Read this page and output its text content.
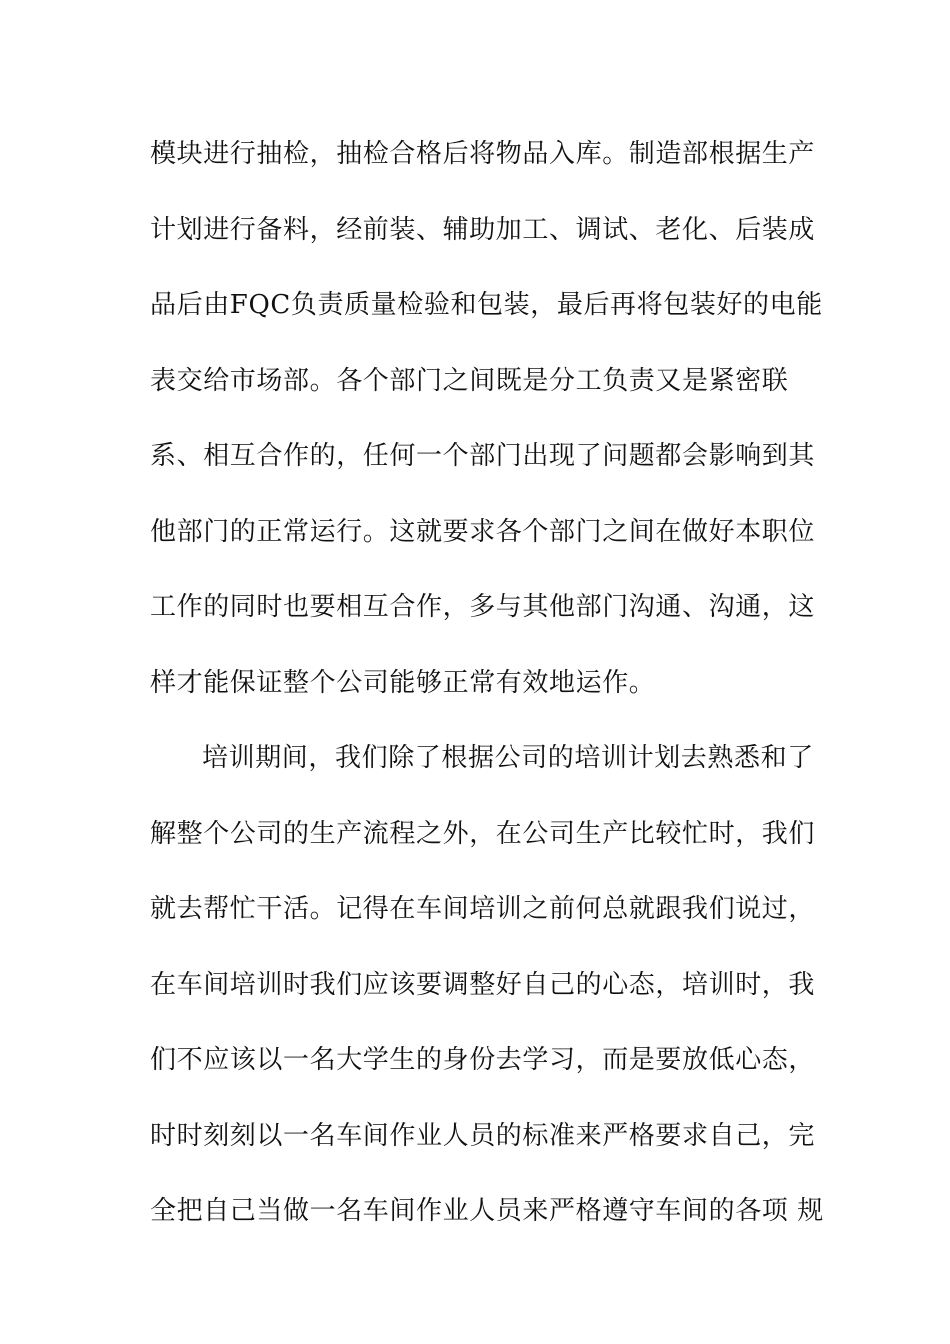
模块进行抽检，抽检合格后将物品入库。制造部根据生产
计划进行备料，经前装、辅助加工、调试、老化、后装成
品后由FQC负责质量检验和包装，最后再将包装好的电能
表交给市场部。各个部门之间既是分工负责又是紧密联
系、相互合作的，任何一个部门出现了问题都会影响到其
他部门的正常运行。这就要求各个部门之间在做好本职位
工作的同时也要相互合作，多与其他部门沟通、沟通，这
样才能保证整个公司能够正常有效地运作。
培训期间，我们除了根据公司的培训计划去熟悉和了
解整个公司的生产流程之外，在公司生产比较忙时，我们
就去帮忙干活。记得在车间培训之前何总就跟我们说过，
在车间培训时我们应该要调整好自己的心态，培训时，我
们不应该以一名大学生的身份去学习，而是要放低心态，
时时刻刻以一名车间作业人员的标准来严格要求自己，完
全把自己当做一名车间作业人员来严格遵守车间的各项 规
